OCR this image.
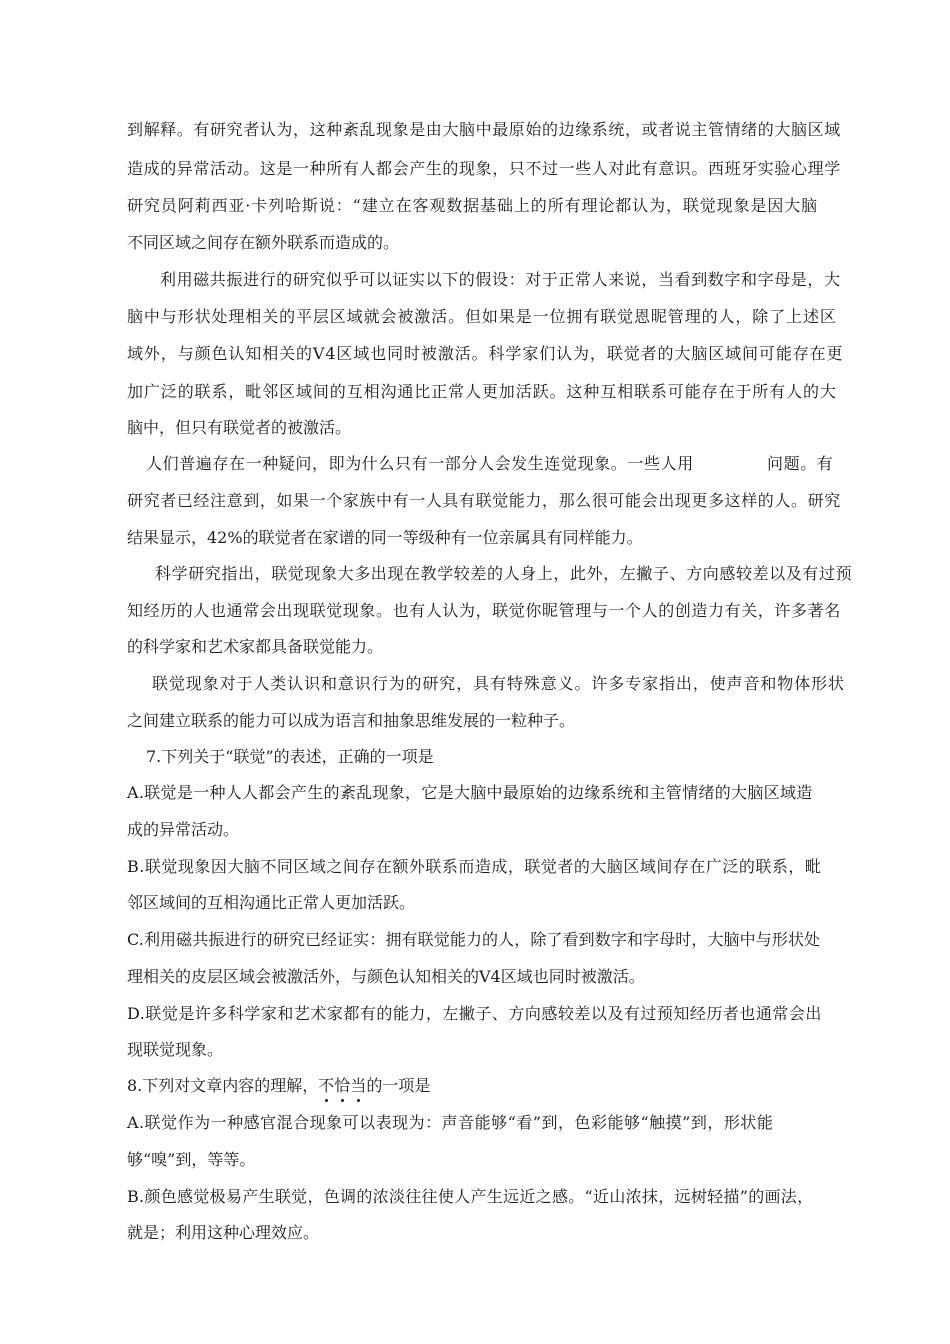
到解释。有研究者认为，这种紊乱现象是由大脑中最原始的边缘系统，或者说主管情绪的大脑区域
造成的异常活动。这是一种所有人都会产生的现象，只不过一些人对此有意识。西班牙实验心理学
研究员阿莉西亚·卡列哈斯说：“建立在客观数据基础上的所有理论都认为，联觉现象是因大脑
不同区域之间存在额外联系而造成的。
利用磁共振进行的研究似乎可以证实以下的假设：对于正常人来说，当看到数字和字母是，大
脑中与形状处理相关的平层区域就会被激活。但如果是一位拥有联觉恩昵管理的人，除了上述区
域外，与颜色认知相关的V4区域也同时被激活。科学家们认为，联觉者的大脑区域间可能存在更
加广泛的联系，毗邻区域间的互相沟通比正常人更加活跃。这种互相联系可能存在于所有人的大
脑中，但只有联觉者的被激活。
人们普遍存在一种疑问，即为什么只有一部分人会发生连觉现象。一些人用	问题。有
研究者已经注意到，如果一个家族中有一人具有联觉能力，那么很可能会出现更多这样的人。研究
结果显示，42%的联觉者在家谱的同一等级种有一位亲属具有同样能力。
科学研究指出，联觉现象大多出现在教学较差的人身上，此外，左撇子、方向感较差以及有过预
知经历的人也通常会出现联觉现象。也有人认为，联觉你昵管理与一个人的创造力有关，许多著名
的科学家和艺术家都具备联觉能力。
联觉现象对于人类认识和意识行为的研究，具有特殊意义。许多专家指出，使声音和物体形状
之间建立联系的能力可以成为语言和抽象思维发展的一粒种子。
7.下列关于“联觉”的表述，正确的一项是
A.联觉是一种人人都会产生的紊乱现象，它是大脑中最原始的边缘系统和主管情绪的大脑区域造
成的异常活动。
B.联觉现象因大脑不同区域之间存在额外联系而造成，联觉者的大脑区域间存在广泛的联系，毗
邻区域间的互相沟通比正常人更加活跃。
C.利用磁共振进行的研究已经证实：拥有联觉能力的人，除了看到数字和字母时，大脑中与形状处
理相关的皮层区域会被激活外，与颜色认知相关的V4区域也同时被激活。
D.联觉是许多科学家和艺术家都有的能力，左撇子、方向感较差以及有过预知经历者也通常会出
现联觉现象。
8.下列对文章内容的理解，不恰当的一项是
A.联觉作为一种感官混合现象可以表现为：声音能够“看”到，色彩能够“触摸”到，形状能
够“嗅”到，等等。
B.颜色感觉极易产生联觉，色调的浓淡往往使人产生远近之感。“近山浓抹，远树轻描”的画法，
就是；利用这种心理效应。
